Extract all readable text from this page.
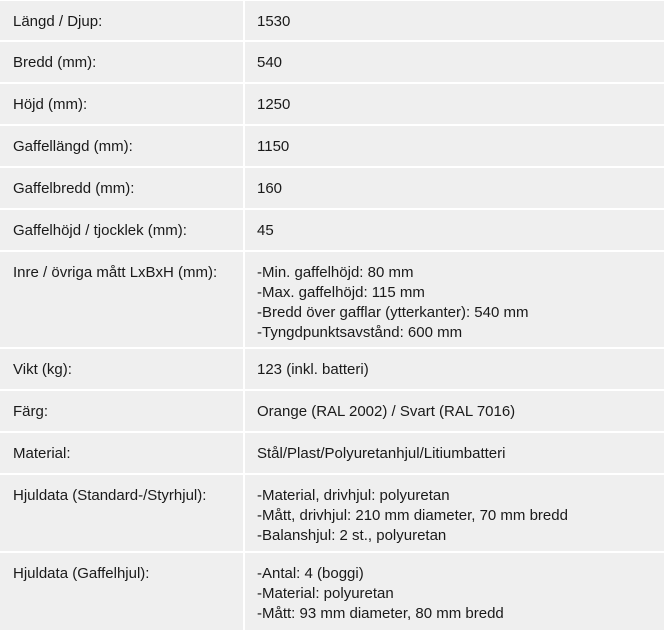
Längd / Djup:	1530
Bredd (mm):	540
Höjd (mm):	1250
Gaffellängd (mm):	1150
Gaffelbredd (mm):	160
Gaffelhöjd / tjocklek (mm):	45
Inre / övriga mått LxBxH (mm):	-Min. gaffelhöjd: 80 mm
-Max. gaffelhöjd: 115 mm
-Bredd över gafflar (ytterkanter): 540 mm
-Tyngdpunktsavstånd: 600 mm
Vikt (kg):	123 (inkl. batteri)
Färg:	Orange (RAL 2002) / Svart (RAL 7016)
Material:	Stål/Plast/Polyuretanhjul/Litiumbatteri
Hjuldata (Standard-/Styrhjul):	-Material, drivhjul: polyuretan
-Mått, drivhjul: 210 mm diameter, 70 mm bredd
-Balanshjul: 2 st., polyuretan
Hjuldata (Gaffelhjul):	-Antal: 4 (boggi)
-Material: polyuretan
-Mått: 93 mm diameter, 80 mm bredd
